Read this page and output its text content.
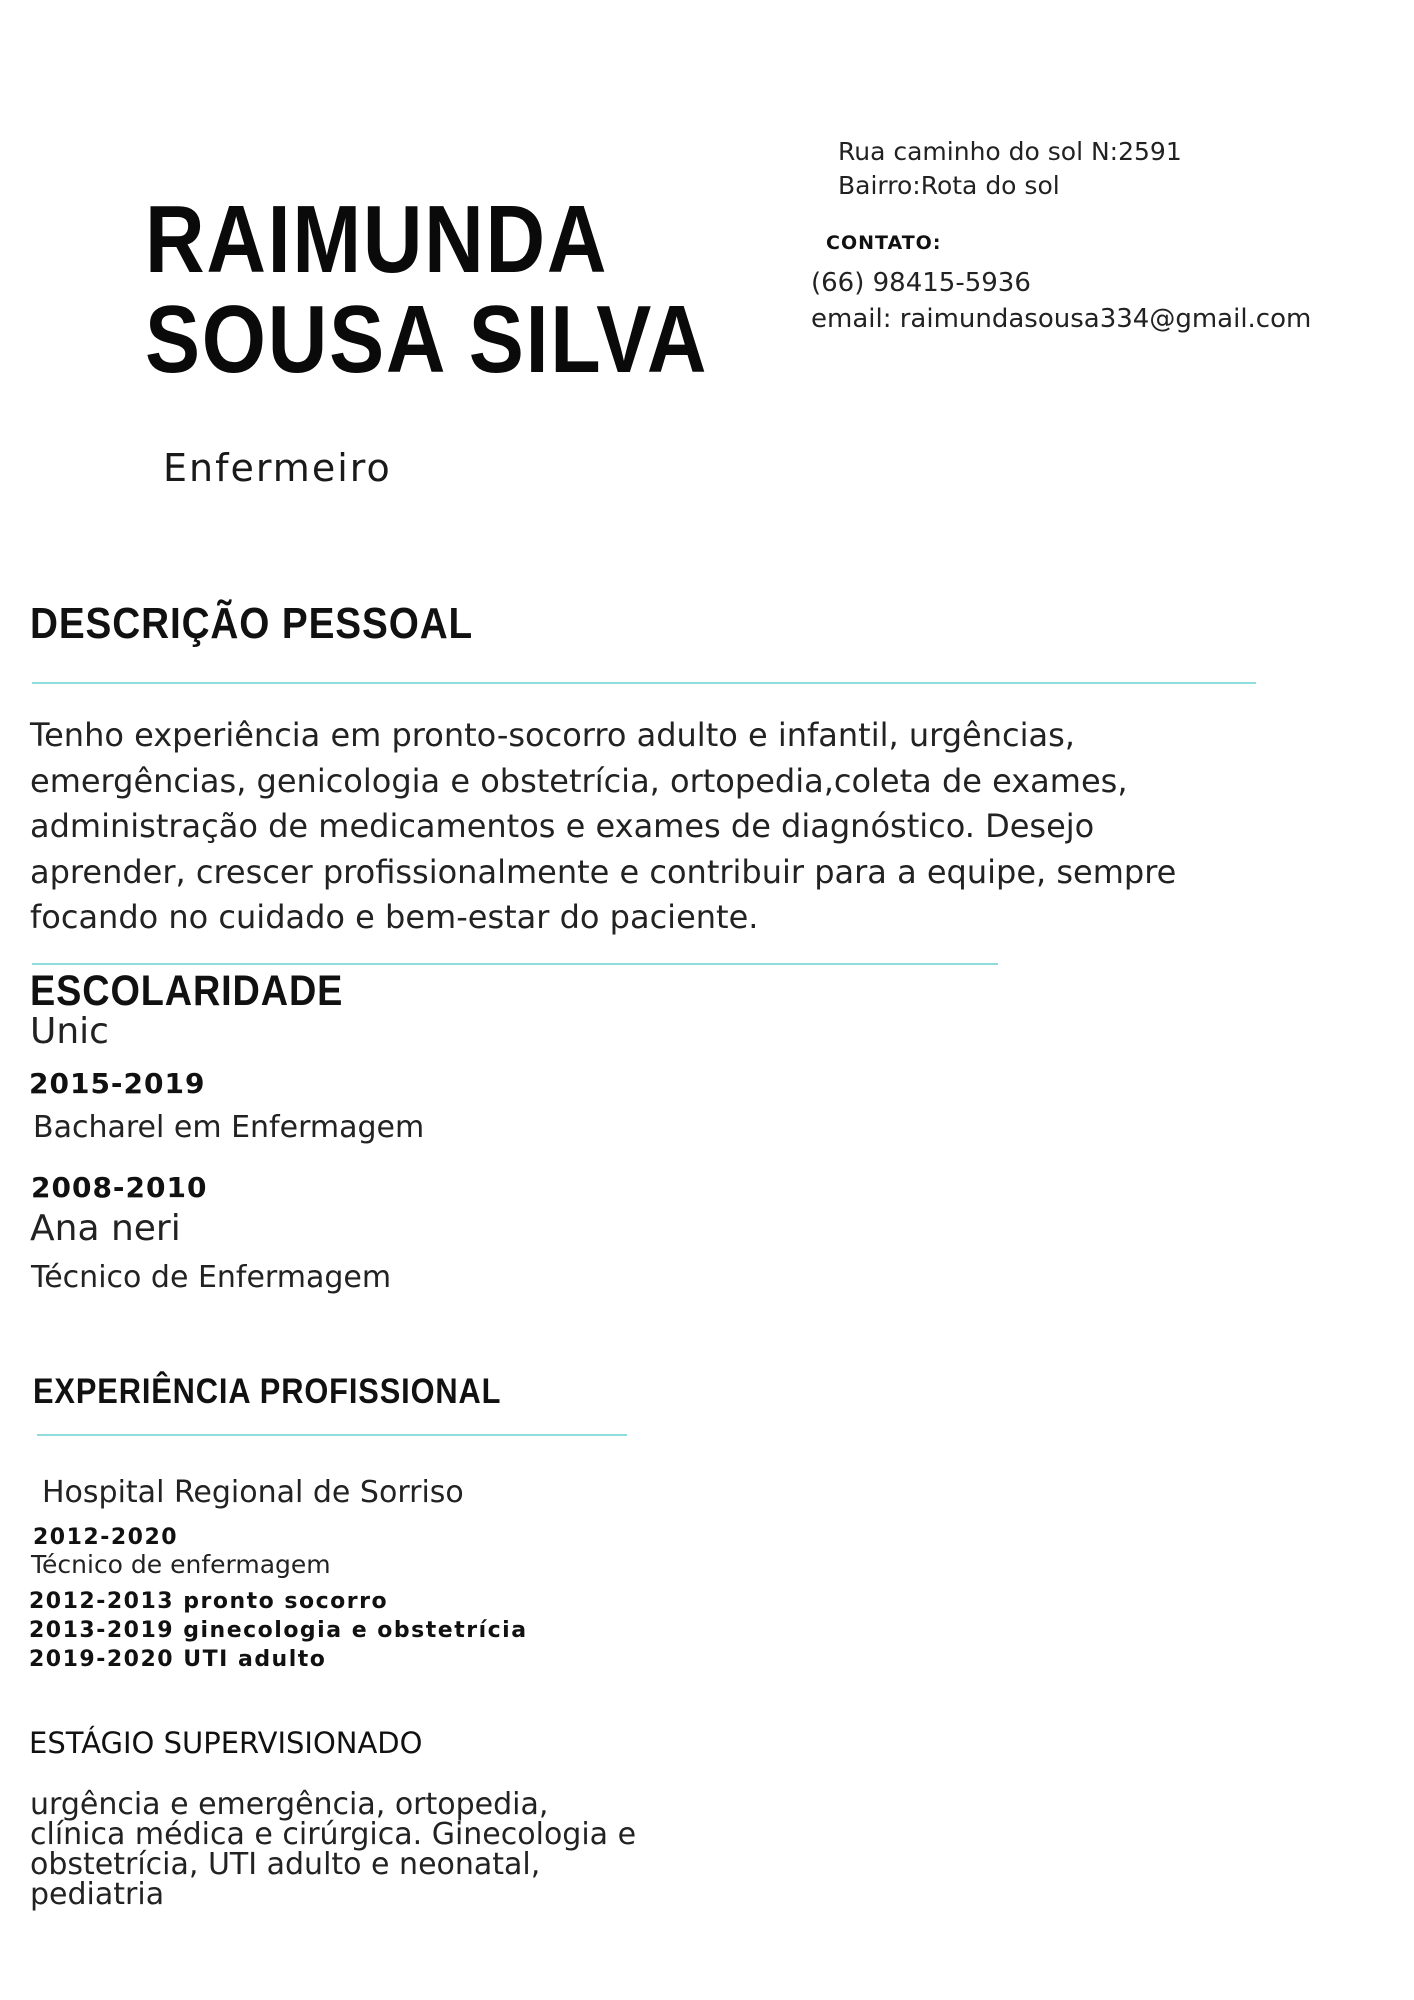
RAIMUNDA
SOUSA SILVA
Enfermeiro
Rua caminho do sol N:2591
Bairro:Rota do sol
CONTATO:
(66) 98415-5936
email: raimundasousa334@gmail.com
DESCRIÇÃO PESSOAL
Tenho experiência em pronto-socorro adulto e infantil, urgências, emergências, genicologia e obstetrícia, ortopedia,coleta de exames, administração de medicamentos e exames de diagnóstico. Desejo aprender, crescer profissionalmente e contribuir para a equipe, sempre focando no cuidado e bem-estar do paciente.
ESCOLARIDADE
Unic
2015-2019
Bacharel em Enfermagem
2008-2010
Ana neri
Técnico de Enfermagem
EXPERIÊNCIA PROFISSIONAL
Hospital Regional de Sorriso
2012-2020
Técnico de enfermagem
2012-2013 pronto socorro
2013-2019 ginecologia e obstetrícia
2019-2020 UTI adulto
ESTÁGIO SUPERVISIONADO
urgência e emergência, ortopedia, clínica médica e cirúrgica. Ginecologia e obstetrícia, UTI adulto e neonatal, pediatria
